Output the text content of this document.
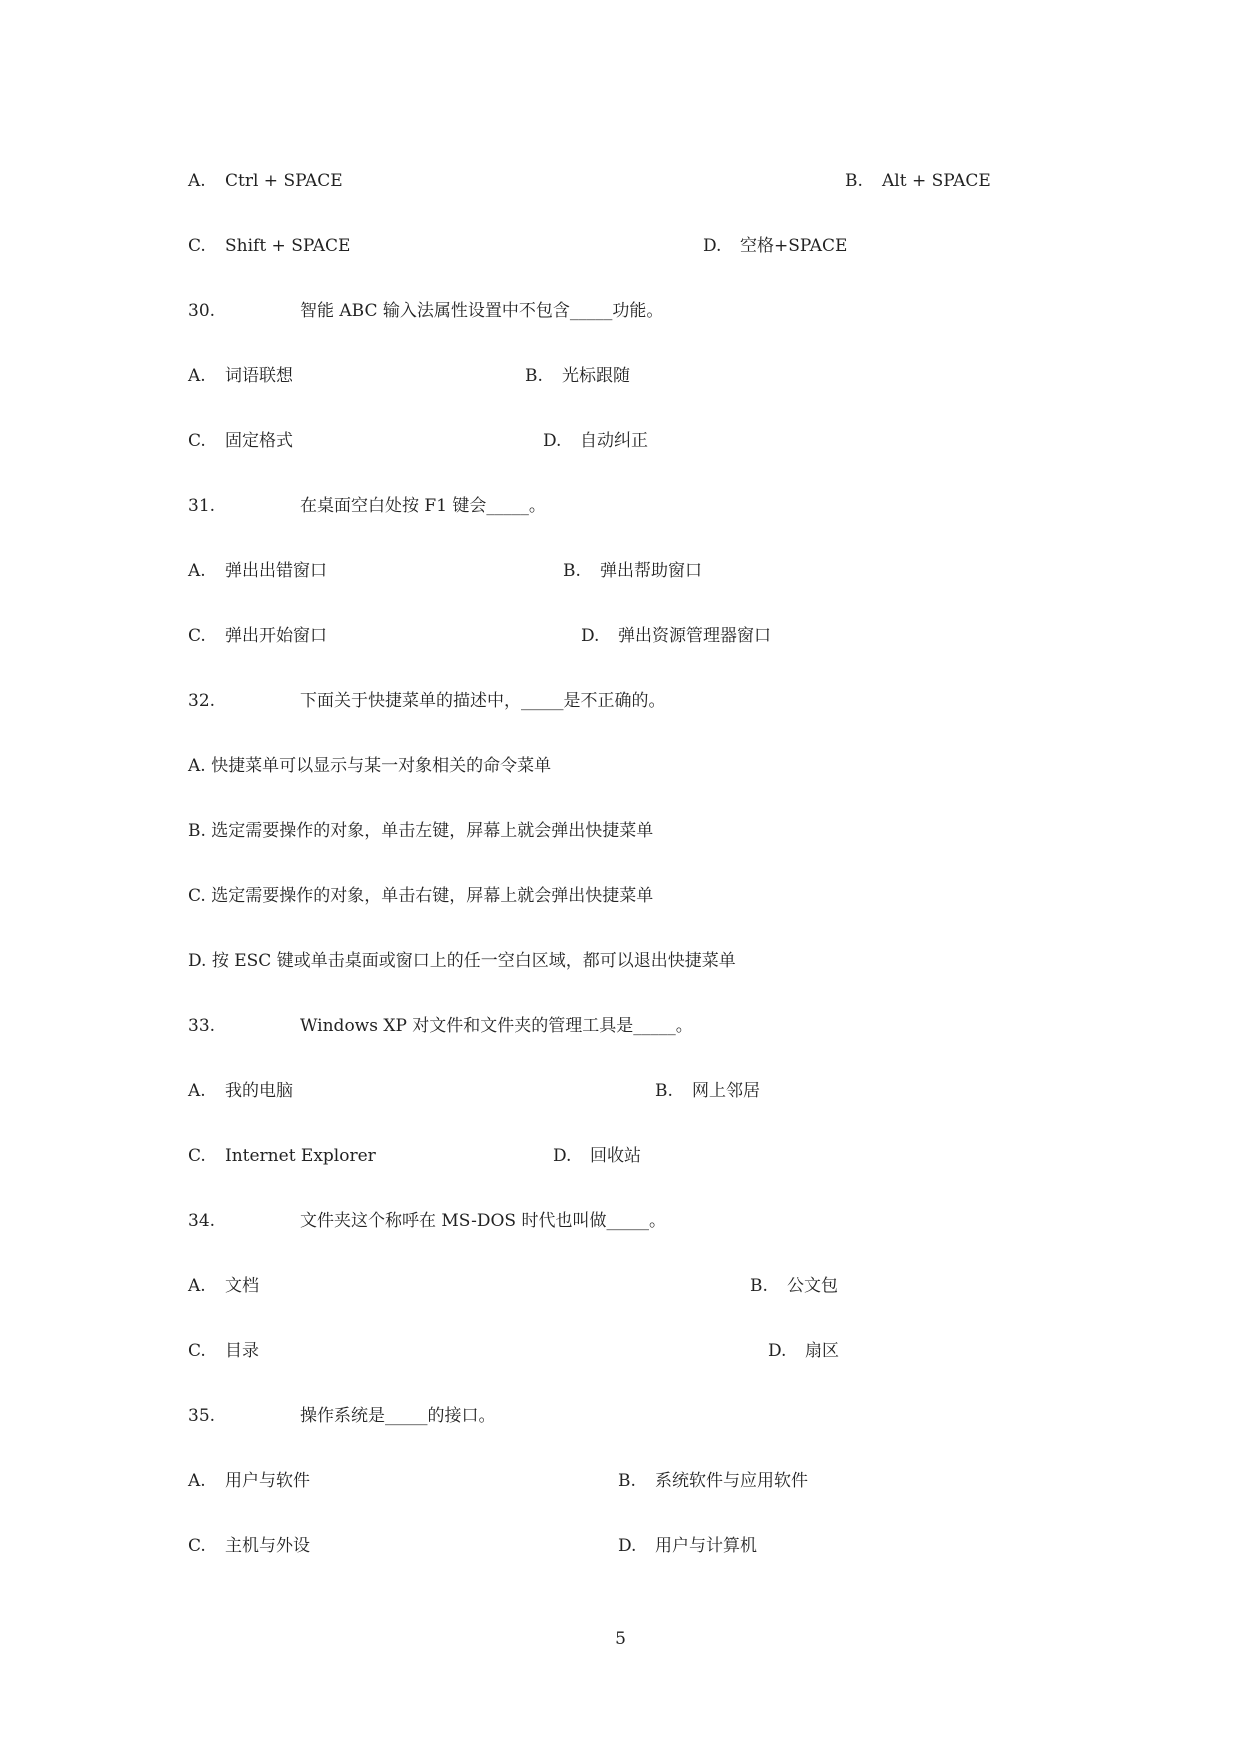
A. Ctrl + SPACE	B. Alt + SPACE
C. Shift + SPACE	D. 空格+SPACE
30.	智能 ABC 输入法属性设置中不包含_____功能。
A. 词语联想	B. 光标跟随
C. 固定格式	D. 自动纠正
31.	在桌面空白处按 F1 键会_____。
A. 弹出出错窗口	B. 弹出帮助窗口
C. 弹出开始窗口	D. 弹出资源管理器窗口
32.	下面关于快捷菜单的描述中，_____是不正确的。
A. 快捷菜单可以显示与某一对象相关的命令菜单
B. 选定需要操作的对象，单击左键，屏幕上就会弹出快捷菜单
C. 选定需要操作的对象，单击右键，屏幕上就会弹出快捷菜单
D. 按 ESC 键或单击桌面或窗口上的任一空白区域，都可以退出快捷菜单
33.	Windows XP 对文件和文件夹的管理工具是_____。
A. 我的电脑	B. 网上邻居
C. Internet Explorer	D. 回收站
34.	文件夹这个称呼在 MS-DOS 时代也叫做_____。
A. 文档	B. 公文包
C. 目录	D. 扇区
35.	操作系统是_____的接口。
A. 用户与软件	B. 系统软件与应用软件
C. 主机与外设	D. 用户与计算机
5
